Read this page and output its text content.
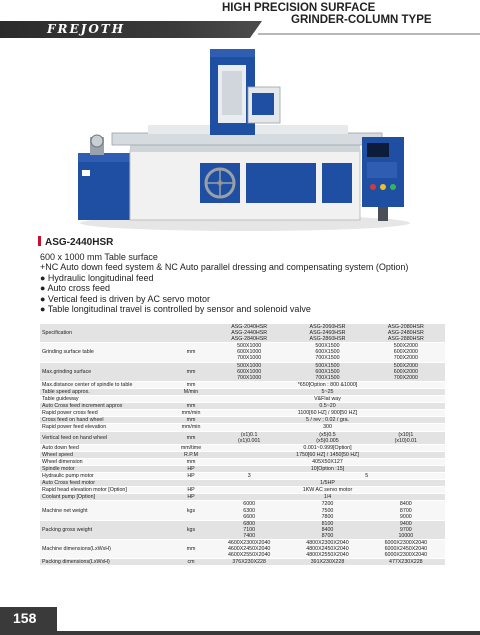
FREJOTH
HIGH PRECISION SURFACE
GRINDER-COLUMN TYPE
ASG-2440HSR
600 x 1000 mm Table surface
+NC Auto down feed system & NC Auto parallel dressing and compensating system (Option)
● Hydraulic longitudinal feed
● Auto cross feed
● Vertical feed is driven by AC servo motor
● Table longitudinal travel is controlled by sensor and solenoid valve
Specification		ASG-2040HSR
ASG-2440HSR
ASG-2840HSR	ASG-2060HSR
ASG-2460HSR
ASG-2860HSR	ASG-2080HSR
ASG-2480HSR
ASG-2880HSR

Grinding surface table	mm	500X1000
600X1000
700X1000	500X1500
600X1500
700X1500	500X2000
600X2000
700X2000

Max.grinding surface	mm	500X1000
600X1000
700X1000	500X1500
600X1500
700X1500	500X2000
600X2000
700X2000

Max.distance center of spindle to table	mm	*650[Option : 800 &1000]		
Table speed approx.	M/min	5~25		
Table guideway		V&Flat way		
Auto Cross feed increment approx	mm	0.5~20		
Rapid power cross feed	mm/min	1100[60 HZ] / 900[50 HZ]		
Cross feed on hand wheel	mm	5 / rev ; 0.02 / gra.		
Rapid power feed elevation	mm/min	300		
Vertical feed on hand wheel	mm	(x1)0.1
(x1)0.001	(x5)0.5
(x5)0.005	(x10)1
(x10)0.01

Auto down feed	mm/time	0.001~0.999[Option]		
Wheel speed	R.P.M	1750[60 HZ] / 1450[50 HZ]		
Wheel dimension	mm	405X50X127		
Spindle motor	HP	10[Option :15]		
Hydraulic pump motor	HP	3	5	
Auto Cross feed motor		1/5HP		
Rapid head elevation motor [Option]	HP	1KW AC servo motor		
Coolant pump [Option]	HP	1/4		
Machine net weight	kgs	6000
6300
6600	7200
7500
7800	8400
8700
9000

Packing gross weight	kgs	6800
7100
7400	8100
8400
8700	9400
9700
10000

Machine dimensions(LxWxH)	mm	4600X2300X2040
4600X2450X2040
4600X2550X2040	4800X2300X2040
4800X2450X2040
4800X2550X2040	6000X2300X2040
6000X2450X2040
6000X2300X2040

Packing dimensions(LxWxH)	cm	376X230X228	391X230X228	477X230X228
158
